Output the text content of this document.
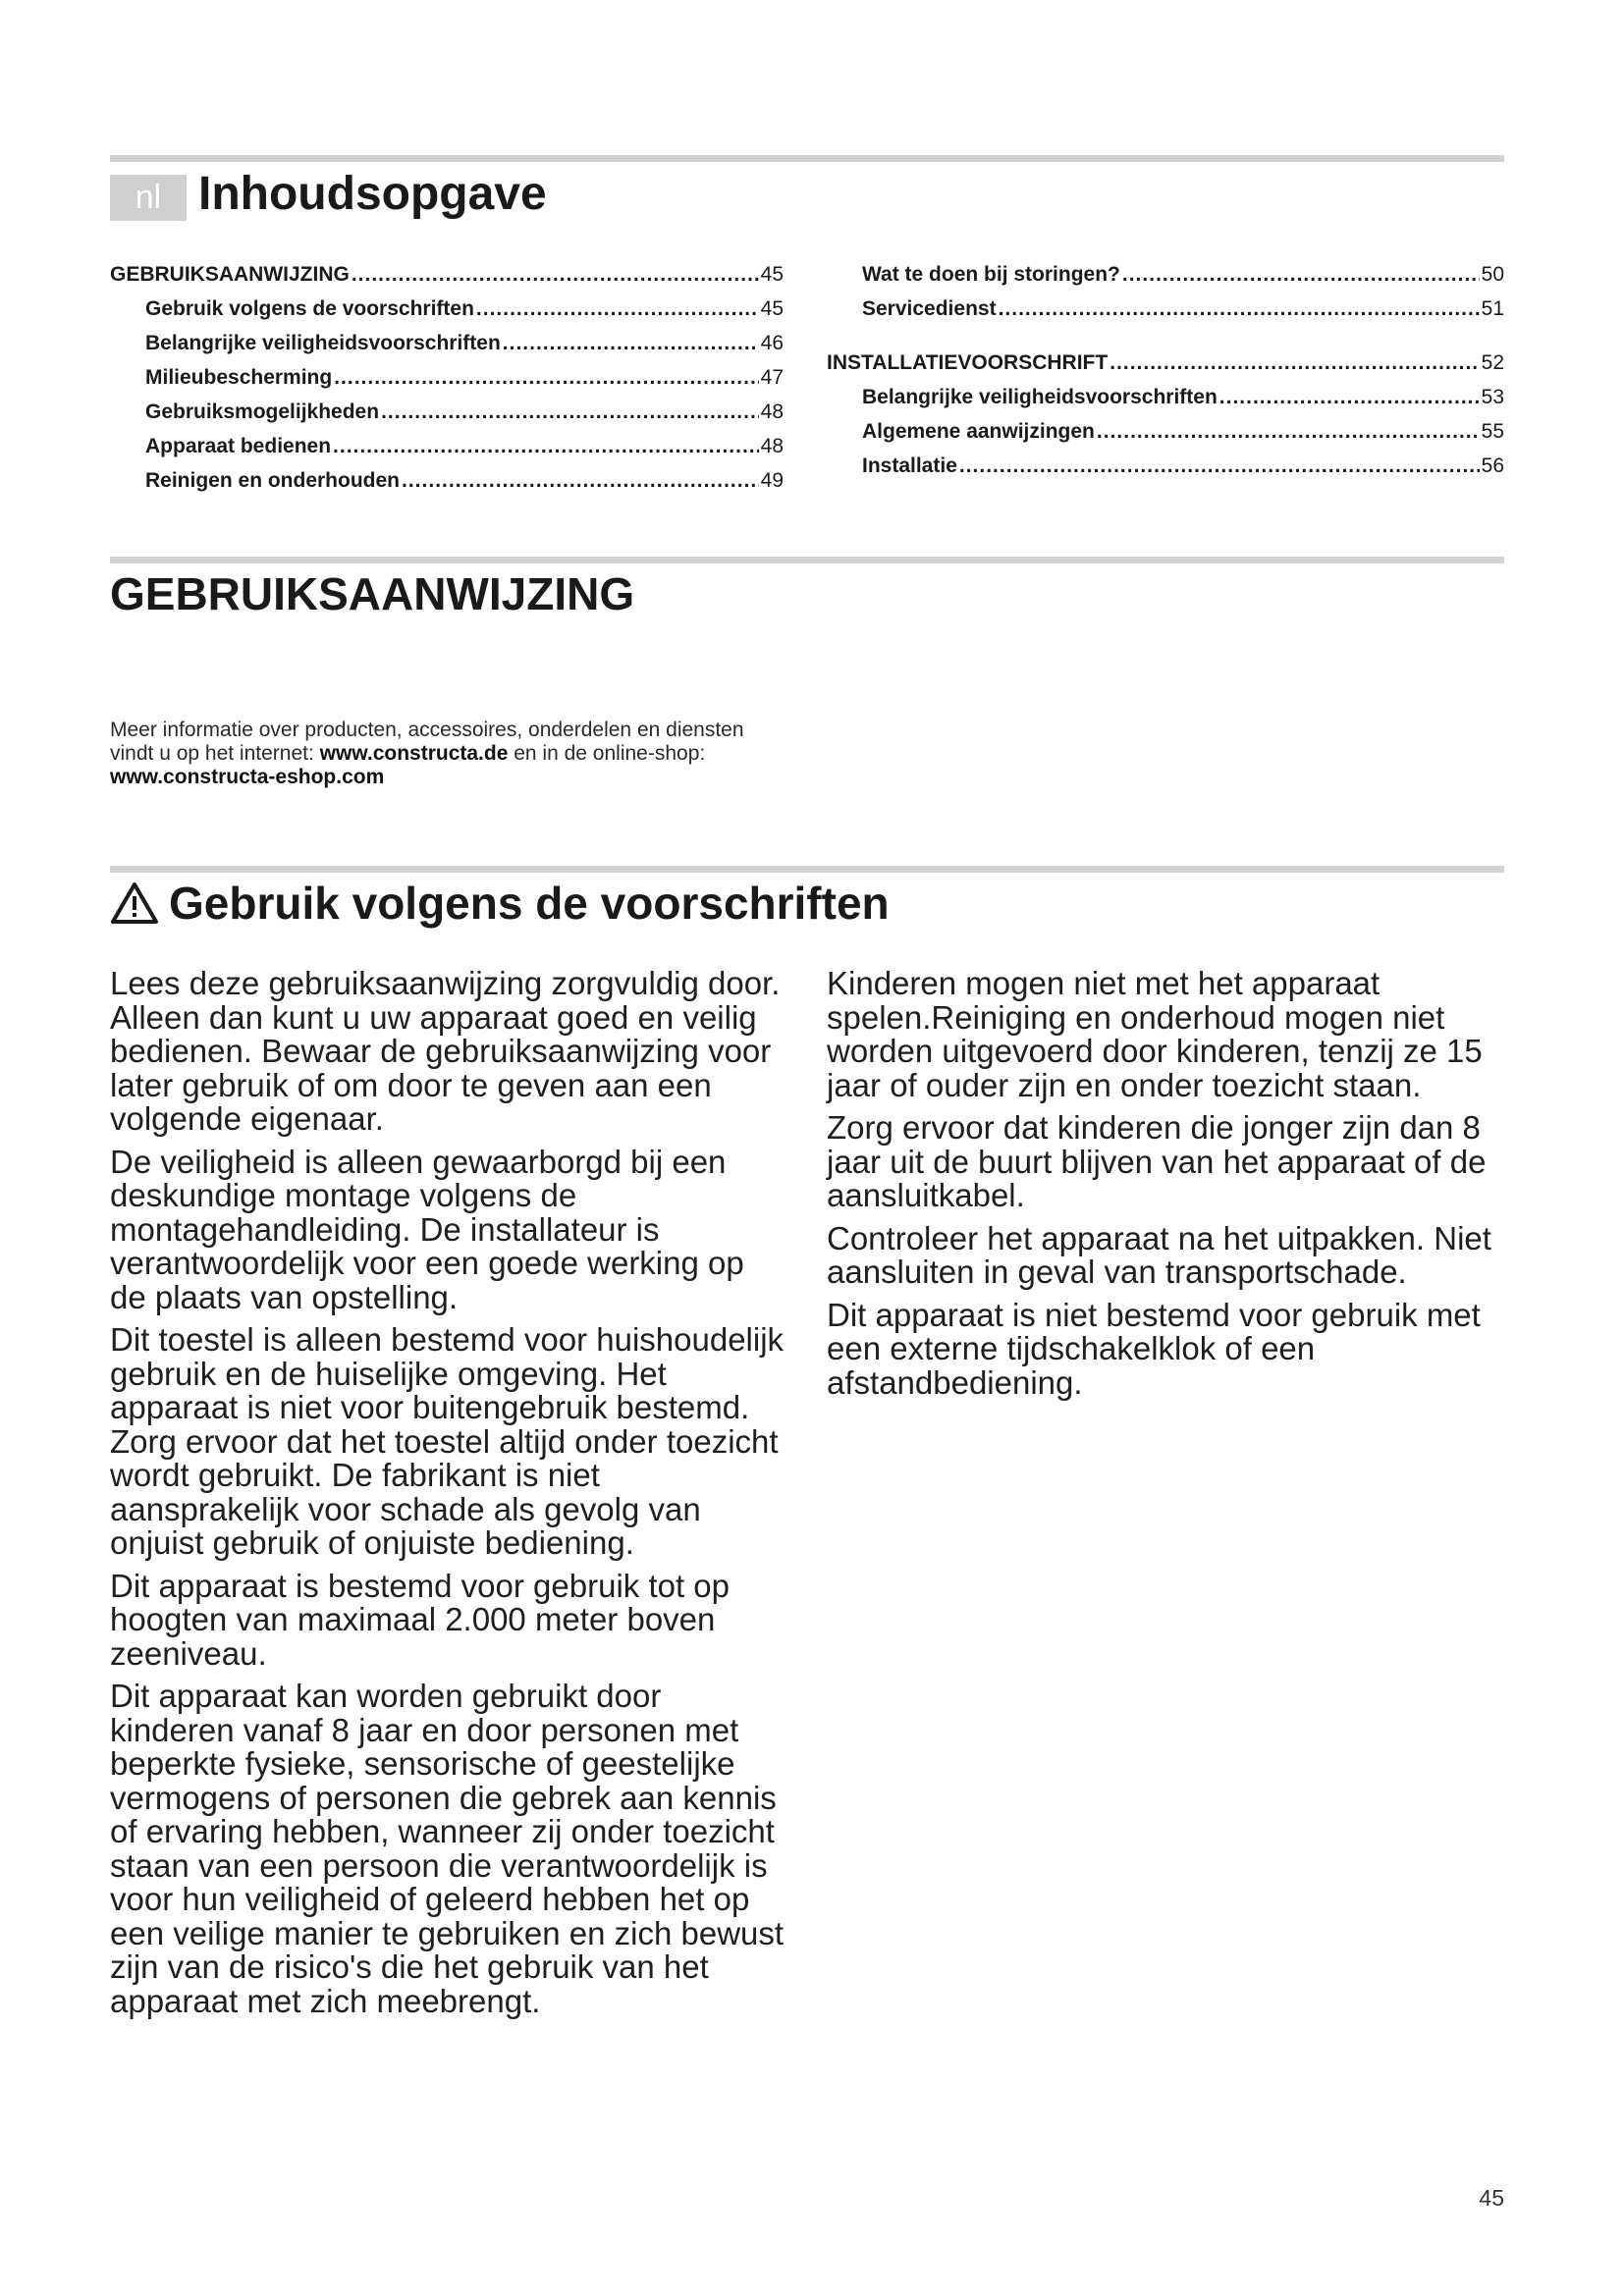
nl Inhoudsopgave
GEBRUIKSAANWIJZING .....	45
Gebruik volgens de voorschriften .....	45
Belangrijke veiligheidsvoorschriften .....	46
Milieubescherming .....	47
Gebruiksmogelijkheden .....	48
Apparaat bedienen .....	48
Reinigen en onderhouden .....	49
Wat te doen bij storingen? .....	50
Servicedienst .....	51
INSTALLATIEVOORSCHRIFT .....	52
Belangrijke veiligheidsvoorschriften .....	53
Algemene aanwijzingen .....	55
Installatie .....	56
GEBRUIKSAANWIJZING

Meer informatie over producten, accessoires, onderdelen en diensten vindt u op het internet: www.constructa.de en in de online-shop: www.constructa-eshop.com

Gebruik volgens de voorschriften

Lees deze gebruiksaanwijzing zorgvuldig door. Alleen dan kunt u uw apparaat goed en veilig bedienen. Bewaar de gebruiksaanwijzing voor later gebruik of om door te geven aan een volgende eigenaar.

De veiligheid is alleen gewaarborgd bij een deskundige montage volgens de montagehandleiding. De installateur is verantwoordelijk voor een goede werking op de plaats van opstelling.

Dit toestel is alleen bestemd voor huishoudelijk gebruik en de huiselijke omgeving. Het apparaat is niet voor buitengebruik bestemd. Zorg ervoor dat het toestel altijd onder toezicht wordt gebruikt. De fabrikant is niet aansprakelijk voor schade als gevolg van onjuist gebruik of onjuiste bediening.

Dit apparaat is bestemd voor gebruik tot op hoogten van maximaal 2.000 meter boven zeeniveau.

Dit apparaat kan worden gebruikt door kinderen vanaf 8 jaar en door personen met beperkte fysieke, sensorische of geestelijke vermogens of personen die gebrek aan kennis of ervaring hebben, wanneer zij onder toezicht staan van een persoon die verantwoordelijk is voor hun veiligheid of geleerd hebben het op een veilige manier te gebruiken en zich bewust zijn van de risico's die het gebruik van het apparaat met zich meebrengt.

Kinderen mogen niet met het apparaat spelen.Reiniging en onderhoud mogen niet worden uitgevoerd door kinderen, tenzij ze 15 jaar of ouder zijn en onder toezicht staan.

Zorg ervoor dat kinderen die jonger zijn dan 8 jaar uit de buurt blijven van het apparaat of de aansluitkabel.

Controleer het apparaat na het uitpakken. Niet aansluiten in geval van transportschade.

Dit apparaat is niet bestemd voor gebruik met een externe tijdschakelklok of een afstandbediening.

45
